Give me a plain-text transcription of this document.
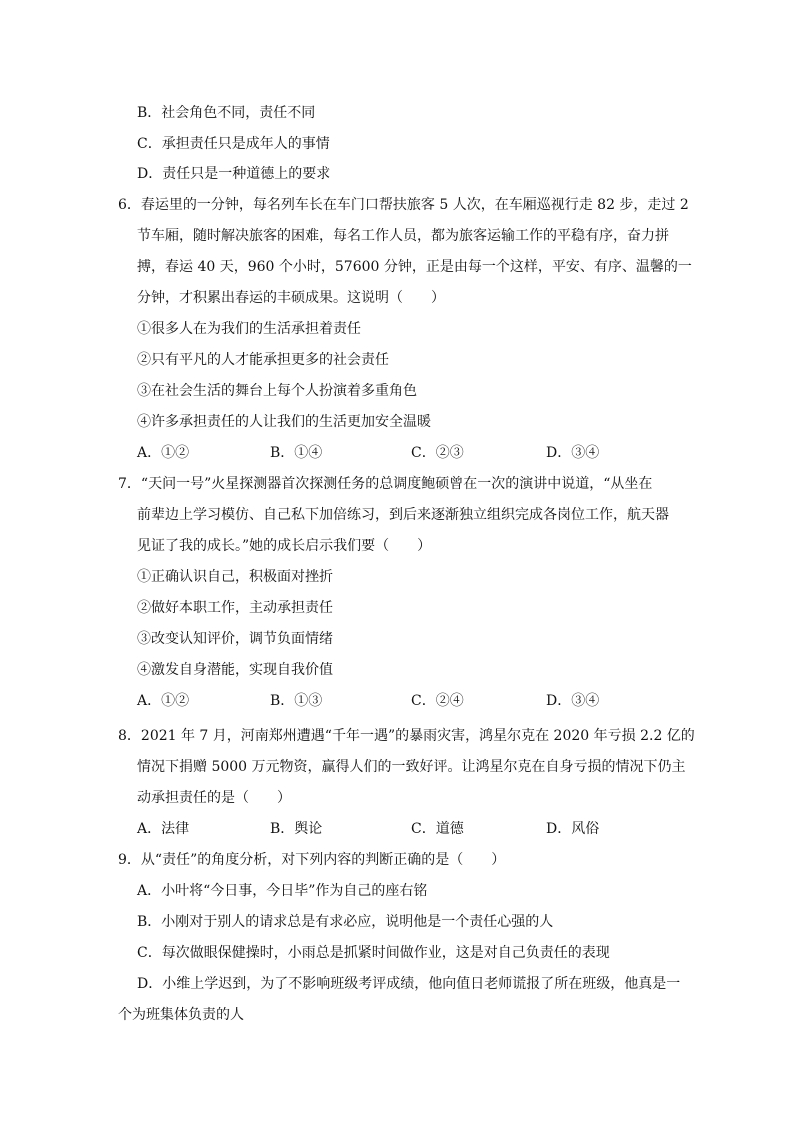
B．社会角色不同，责任不同
C．承担责任只是成年人的事情
D．责任只是一种道德上的要求
6．春运里的一分钟，每名列车长在车门口帮扶旅客 5 人次，在车厢巡视行走 82 步，走过 2
节车厢，随时解决旅客的困难，每名工作人员，都为旅客运输工作的平稳有序，奋力拼
搏，春运 40 天，960 个小时，57600 分钟，正是由每一个这样，平安、有序、温馨的一
分钟，才积累出春运的丰硕成果。这说明（　　）
①很多人在为我们的生活承担着责任
②只有平凡的人才能承担更多的社会责任
③在社会生活的舞台上每个人扮演着多重角色
④许多承担责任的人让我们的生活更加安全温暖
A．①②	B．①④	C．②③	D．③④
7．“天问一号”火星探测器首次探测任务的总调度鲍硕曾在一次的演讲中说道，“从坐在
前辈边上学习模仿、自己私下加倍练习，到后来逐渐独立组织完成各岗位工作，航天器
见证了我的成长。”她的成长启示我们要（　　）
①正确认识自己，积极面对挫折
②做好本职工作，主动承担责任
③改变认知评价，调节负面情绪
④激发自身潜能，实现自我价值
A．①②	B．①③	C．②④	D．③④
8．2021 年 7 月，河南郑州遭遇“千年一遇”的暴雨灾害，鸿星尔克在 2020 年亏损 2.2 亿的
情况下捐赠 5000 万元物资，赢得人们的一致好评。让鸿星尔克在自身亏损的情况下仍主
动承担责任的是（　　）
A．法律	B．舆论	C．道德	D．风俗
9．从“责任”的角度分析，对下列内容的判断正确的是（　　）
A．小叶将“今日事，今日毕”作为自己的座右铭
B．小刚对于别人的请求总是有求必应，说明他是一个责任心强的人
C．每次做眼保健操时，小雨总是抓紧时间做作业，这是对自己负责任的表现
D．小维上学迟到，为了不影响班级考评成绩，他向值日老师谎报了所在班级，他真是一
个为班集体负责的人
